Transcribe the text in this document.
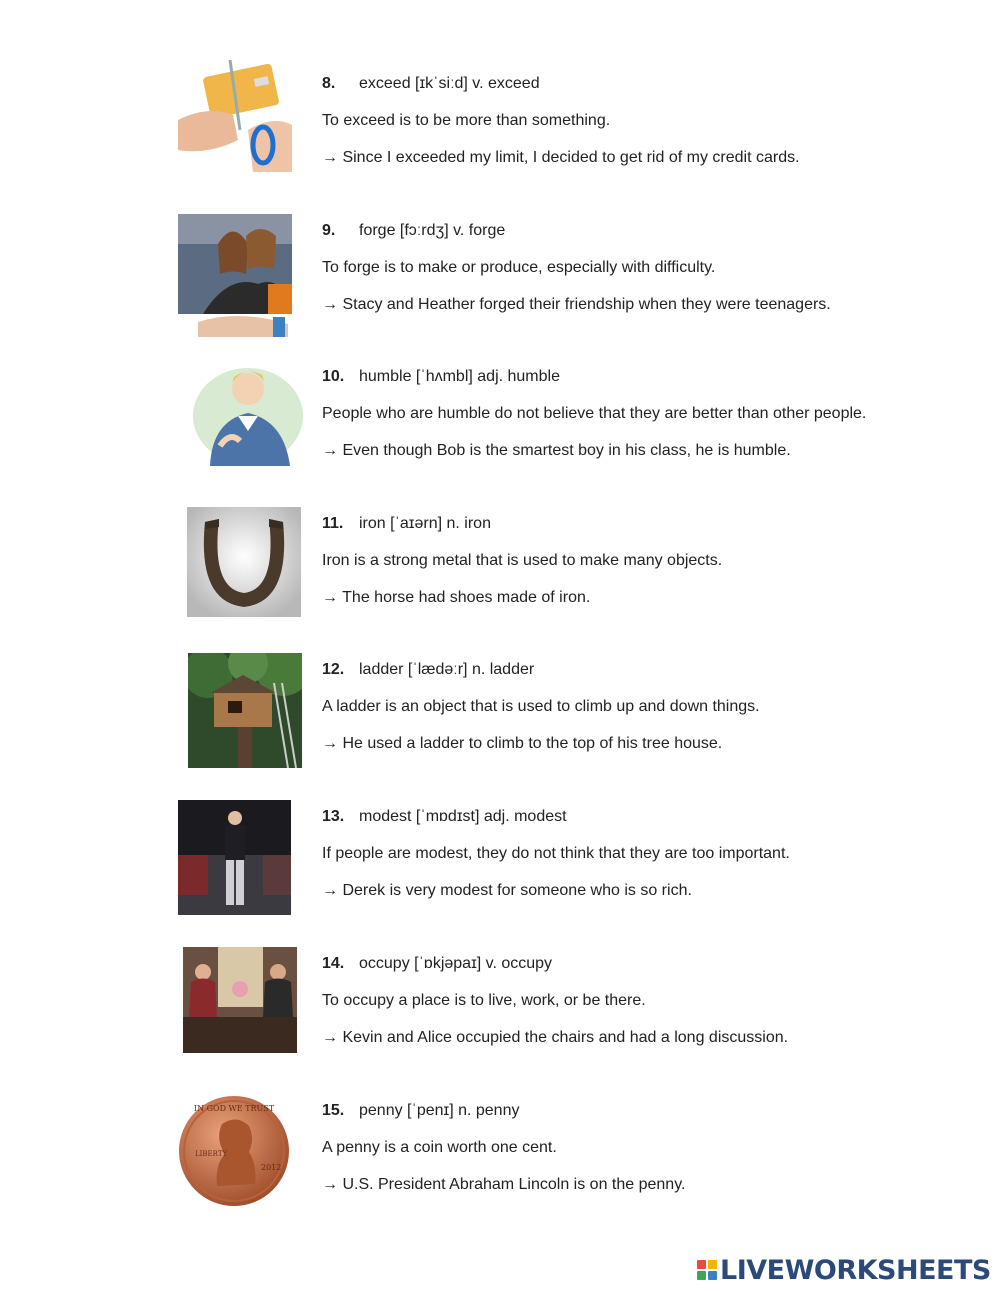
8. exceed [ɪkˈsiːd] v. exceed
To exceed is to be more than something.
→ Since I exceeded my limit, I decided to get rid of my credit cards.
9. forge [fɔːrdʒ] v. forge
To forge is to make or produce, especially with difficulty.
→ Stacy and Heather forged their friendship when they were teenagers.
10. humble [ˈhʌmbl] adj. humble
People who are humble do not believe that they are better than other people.
→ Even though Bob is the smartest boy in his class, he is humble.
11. iron [ˈaɪərn] n. iron
Iron is a strong metal that is used to make many objects.
→ The horse had shoes made of iron.
12. ladder [ˈlædəːr] n. ladder
A ladder is an object that is used to climb up and down things.
→ He used a ladder to climb to the top of his tree house.
13. modest [ˈmɒdɪst] adj. modest
If people are modest, they do not think that they are too important.
→ Derek is very modest for someone who is so rich.
14. occupy [ˈɒkjəpaɪ] v. occupy
To occupy a place is to live, work, or be there.
→ Kevin and Alice occupied the chairs and had a long discussion.
IN GOD WE TRUST
LIBERTY
2012
15. penny [ˈpenɪ] n. penny
A penny is a coin worth one cent.
→ U.S. President Abraham Lincoln is on the penny.
LIVEWORKSHEETS
